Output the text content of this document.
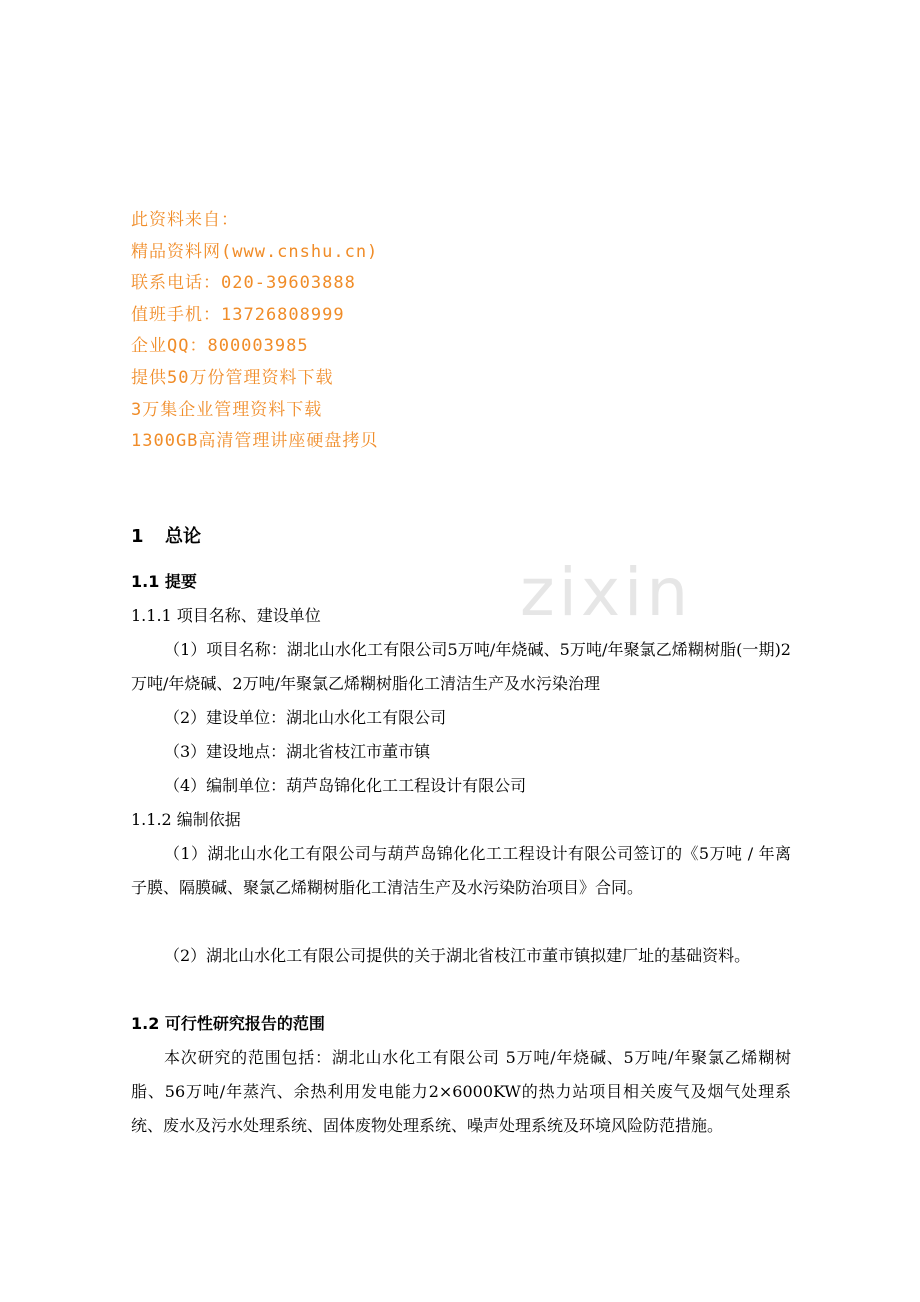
zixin
此资料来自：
精品资料网(www.cnshu.cn)
联系电话：020-39603888
值班手机：13726808999
企业QQ：800003985
提供50万份管理资料下载
3万集企业管理资料下载
1300GB高清管理讲座硬盘拷贝
1 总论
1.1 提要
1.1.1 项目名称、建设单位
（1）项目名称：湖北山水化工有限公司5万吨/年烧碱、5万吨/年聚氯乙烯糊树脂(一期)2万吨/年烧碱、2万吨/年聚氯乙烯糊树脂化工清洁生产及水污染治理
（2）建设单位：湖北山水化工有限公司
（3）建设地点：湖北省枝江市董市镇
（4）编制单位：葫芦岛锦化化工工程设计有限公司
1.1.2 编制依据
（1）湖北山水化工有限公司与葫芦岛锦化化工工程设计有限公司签订的《5万吨 / 年离子膜、隔膜碱、聚氯乙烯糊树脂化工清洁生产及水污染防治项目》合同。
（2）湖北山水化工有限公司提供的关于湖北省枝江市董市镇拟建厂址的基础资料。
1.2 可行性研究报告的范围
本次研究的范围包括：湖北山水化工有限公司 5万吨/年烧碱、5万吨/年聚氯乙烯糊树脂、56万吨/年蒸汽、余热利用发电能力2×6000KW的热力站项目相关废气及烟气处理系统、废水及污水处理系统、固体废物处理系统、噪声处理系统及环境风险防范措施。
